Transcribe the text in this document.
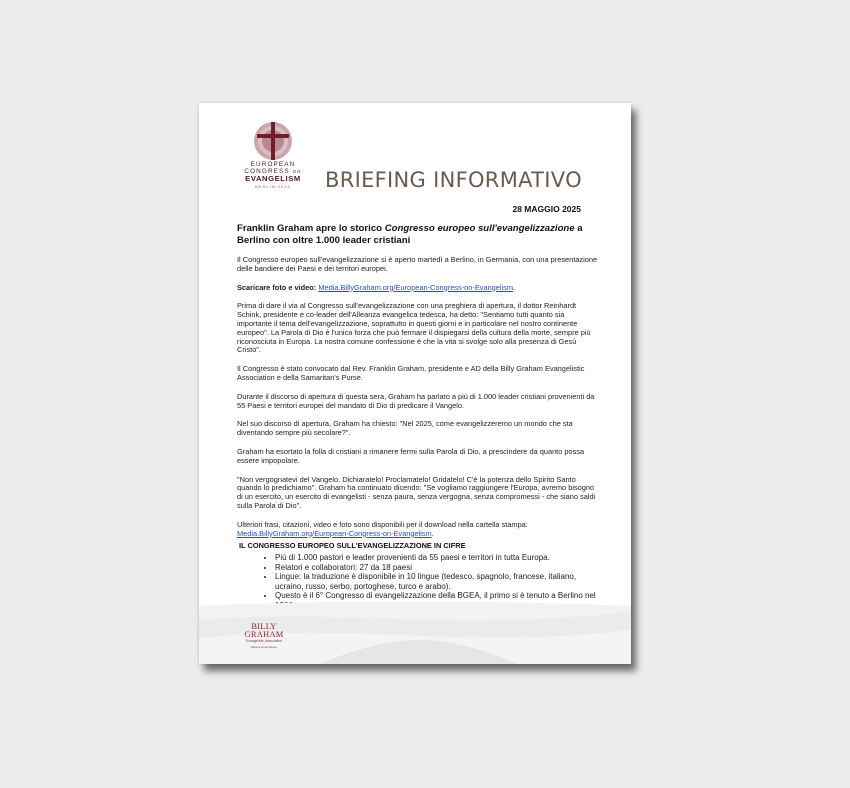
EUROPEAN
CONGRESS ON
EVANGELISM
BERLIN 2025	BRIEFING INFORMATIVO
28 MAGGIO 2025
Franklin Graham apre lo storico Congresso europeo sull'evangelizzazione a Berlino con oltre 1.000 leader cristiani

Il Congresso europeo sull'evangelizzazione si è aperto martedì a Berlino, in Germania, con una presentazione delle bandiere dei Paesi e dei territori europei.

Scaricare foto e video: Media.BillyGraham.org/European-Congress-on-Evangelism.

Prima di dare il via al Congresso sull'evangelizzazione con una preghiera di apertura, il dottor Reinhardt Schink, presidente e co-leader dell'Alleanza evangelica tedesca, ha detto: "Sentiamo tutti quanto sia importante il tema dell'evangelizzazione, soprattutto in questi giorni e in particolare nel nostro continente europeo". La Parola di Dio è l'unica forza che può fermare il dispiegarsi della cultura della morte, sempre più riconosciuta in Europa. La nostra comune confessione è che la vita si svolge solo alla presenza di Gesù Cristo".

Il Congresso è stato convocato dal Rev. Franklin Graham, presidente e AD della Billy Graham Evangelistic Association e della Samaritan's Purse.

Durante il discorso di apertura di questa sera, Graham ha parlato a più di 1.000 leader cristiani provenienti da 55 Paesi e territori europei del mandato di Dio di predicare il Vangelo.

Nel suo discorso di apertura, Graham ha chiesto: "Nel 2025, come evangelizzeremo un mondo che sta diventando sempre più secolare?".

Graham ha esortato la folla di cristiani a rimanere fermi sulla Parola di Dio, a prescindere da quanto possa essere impopolare.

"Non vergognatevi del Vangelo. Dichiaratelo! Proclamatelo! Gridatelo! C'è la potenza dello Spirito Santo quando lo predichiamo". Graham ha continuato dicendo: "Se vogliamo raggiungere l'Europa, avremo bisogno di un esercito, un esercito di evangelisti - senza paura, senza vergogna, senza compromessi - che siano saldi sulla Parola di Dio".

Ulteriori frasi, citazioni, video e foto sono disponibili per il download nella cartella stampa: Media.BillyGraham.org/European-Congress-on-Evangelism.

IL CONGRESSO EUROPEO SULL'EVANGELIZZAZIONE IN CIFRE
• Più di 1.000 pastori e leader provenienti da 55 paesi e territori in tutta Europa.
• Relatori e collaboratori: 27 da 18 paesi
• Lingue: la traduzione è disponibile in 10 lingue (tedesco, spagnolo, francese, italiano, ucraino, russo, serbo, portoghese, turco e arabo).
• Questo è il 6° Congresso di evangelizzazione della BGEA, il primo si è tenuto a Berlino nel
BILLY
GRAHAM
Evangelistic Association
Always Good News.
